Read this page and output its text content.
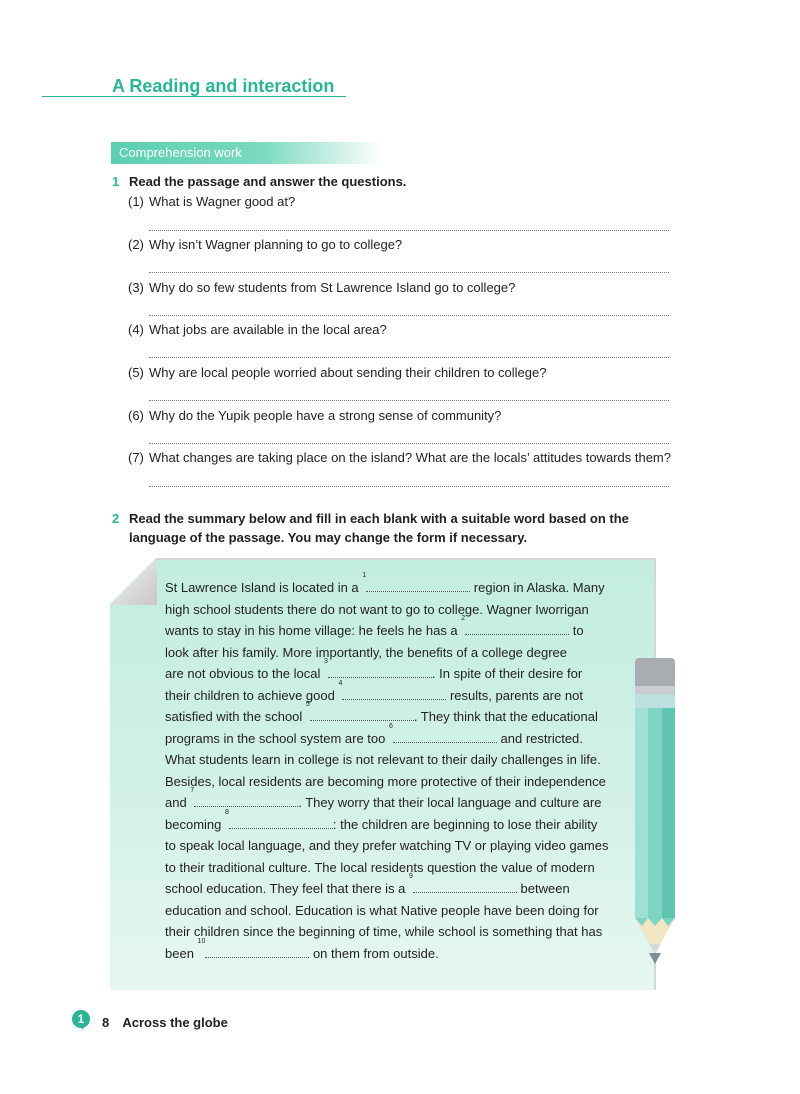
A Reading and interaction
Comprehension work
1 Read the passage and answer the questions.
(1) What is Wagner good at?
(2) Why isn’t Wagner planning to go to college?
(3) Why do so few students from St Lawrence Island go to college?
(4) What jobs are available in the local area?
(5) Why are local people worried about sending their children to college?
(6) Why do the Yupik people have a strong sense of community?
(7) What changes are taking place on the island? What are the locals’ attitudes towards them?
2 Read the summary below and fill in each blank with a suitable word based on the
language of the passage. You may change the form if necessary.
St Lawrence Island is located in a $^1$ region in Alaska. Many
high school students there do not want to go to college. Wagner Iworrigan
wants to stay in his home village: he feels he has a $^2$ to
look after his family. More importantly, the benefits of a college degree
are not obvious to the local $^3$. In spite of their desire for
their children to achieve good $^4$ results, parents are not
satisfied with the school $^5$. They think that the educational
programs in the school system are too $^6$ and restricted.
What students learn in college is not relevant to their daily challenges in life.
Besides, local residents are becoming more protective of their independence
and $^7$. They worry that their local language and culture are
becoming $^8$: the children are beginning to lose their ability
to speak local language, and they prefer watching TV or playing video games
to their traditional culture. The local residents question the value of modern
school education. They feel that there is a $^9$ between
education and school. Education is what Native people have been doing for
their children since the beginning of time, while school is something that has
been $^{10}$ on them from outside.
1	8 Across the globe
